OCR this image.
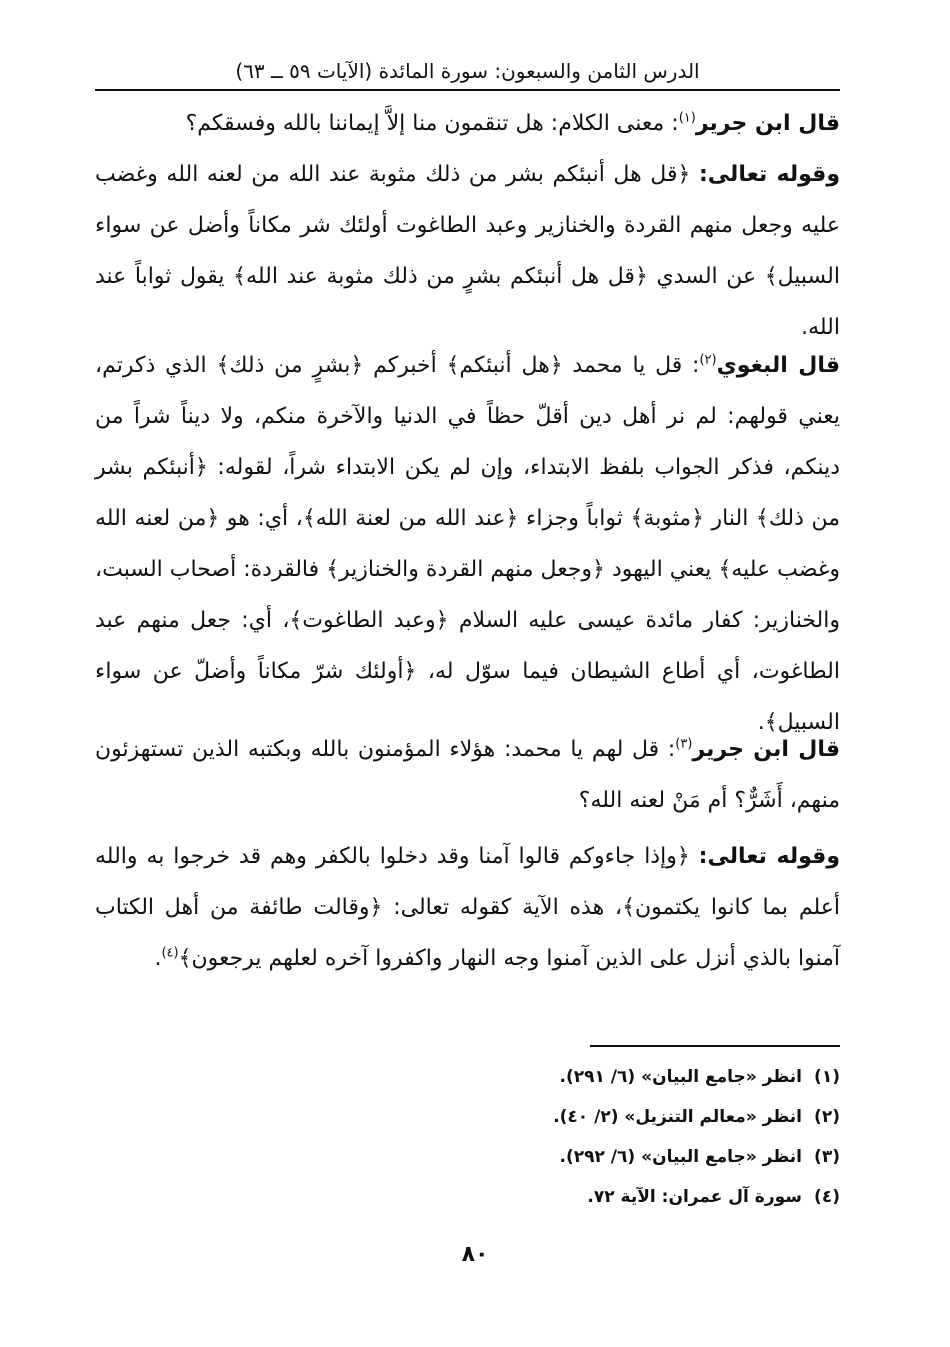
الدرس الثامن والسبعون: سورة المائدة (الآيات ٥٩ ــ ٦٣)

قال ابن جرير$^{(١)}$: معنى الكلام: هل تنقمون منا إلاَّ إيماننا بالله وفسقكم؟

وقوله تعالى: ﴿قل هل أنبئكم بشر من ذلك مثوبة عند الله من لعنه الله وغضب عليه وجعل منهم القردة والخنازير وعبد الطاغوت أولئك شر مكاناً وأضل عن سواء السبيل﴾ عن السدي ﴿قل هل أنبئكم بشرٍ من ذلك مثوبة عند الله﴾ يقول ثواباً عند الله.

قال البغوي$^{(٢)}$: قل يا محمد ﴿هل أنبئكم﴾ أخبركم ﴿بشرٍ من ذلك﴾ الذي ذكرتم، يعني قولهم: لم نر أهل دين أقلّ حظاً في الدنيا والآخرة منكم، ولا ديناً شراً من دينكم، فذكر الجواب بلفظ الابتداء، وإن لم يكن الابتداء شراً، لقوله: ﴿أنبئكم بشر من ذلك﴾ النار ﴿مثوبة﴾ ثواباً وجزاء ﴿عند الله من لعنة الله﴾، أي: هو ﴿من لعنه الله وغضب عليه﴾ يعني اليهود ﴿وجعل منهم القردة والخنازير﴾ فالقردة: أصحاب السبت، والخنازير: كفار مائدة عيسى عليه السلام ﴿وعبد الطاغوت﴾، أي: جعل منهم عبد الطاغوت، أي أطاع الشيطان فيما سوّل له، ﴿أولئك شرّ مكاناً وأضلّ عن سواء السبيل﴾.

قال ابن جرير$^{(٣)}$: قل لهم يا محمد: هؤلاء المؤمنون بالله وبكتبه الذين تستهزئون منهم، أَشَرٌّ؟ أم مَنْ لعنه الله؟

وقوله تعالى: ﴿وإذا جاءوكم قالوا آمنا وقد دخلوا بالكفر وهم قد خرجوا به والله أعلم بما كانوا يكتمون﴾، هذه الآية كقوله تعالى: ﴿وقالت طائفة من أهل الكتاب آمنوا بالذي أنزل على الذين آمنوا وجه النهار واكفروا آخره لعلهم يرجعون﴾$^{(٤)}$.

(١)انظر «جامع البيان» (٦/ ٢٩١).
(٢)انظر «معالم التنزيل» (٢/ ٤٠).
(٣)انظر «جامع البيان» (٦/ ٢٩٢).
(٤)سورة آل عمران: الآية ٧٢.
٨٠
